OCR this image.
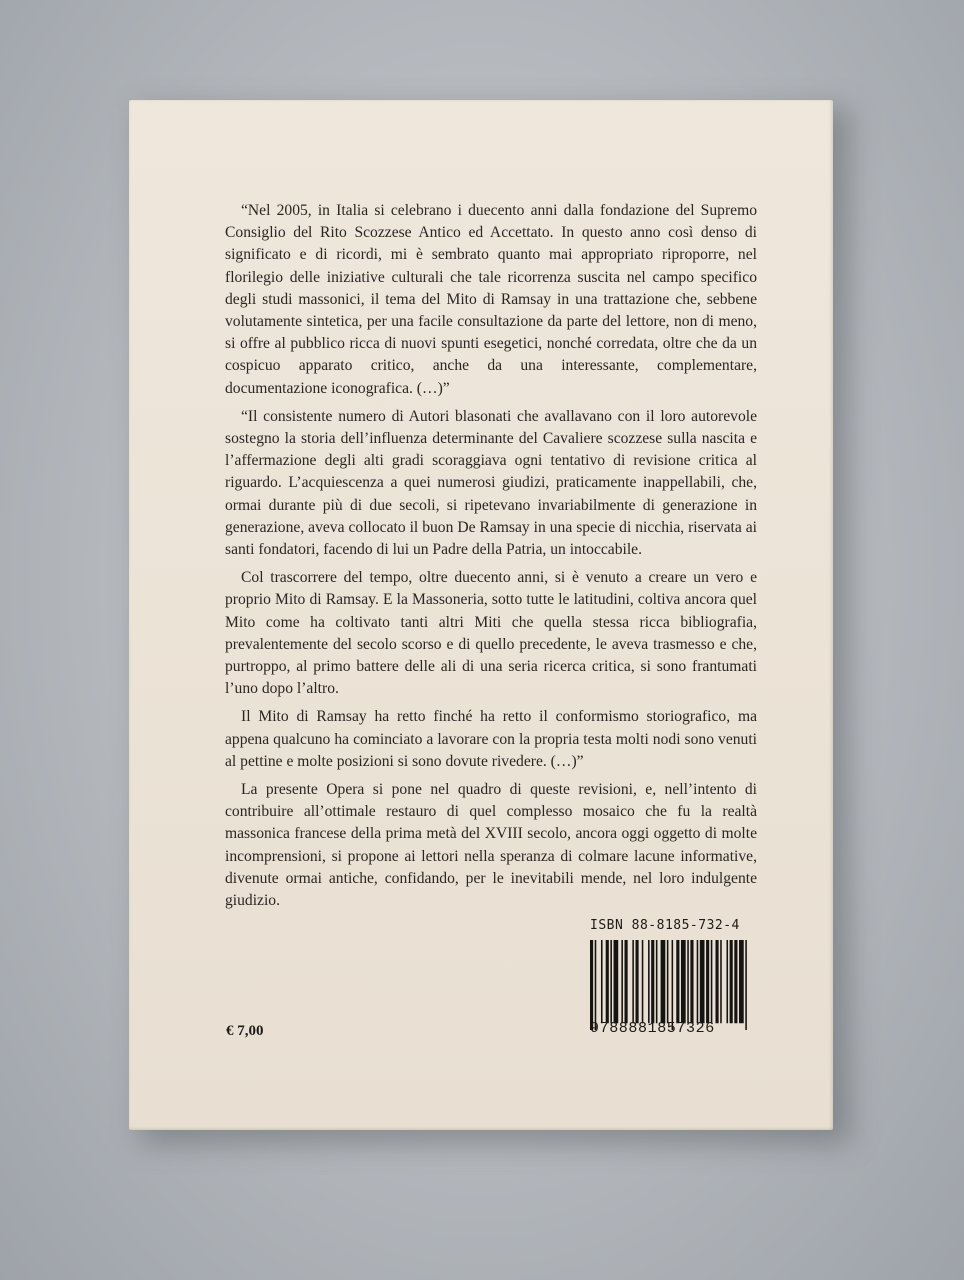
“Nel 2005, in Italia si celebrano i duecento anni dalla fondazione del Supremo Consiglio del Rito Scozzese Antico ed Accettato. In questo anno così denso di significato e di ricordi, mi è sembrato quanto mai appropriato riproporre, nel florilegio delle iniziative culturali che tale ricorrenza suscita nel campo specifico degli studi massonici, il tema del Mito di Ramsay in una trattazione che, sebbene volutamente sintetica, per una facile consultazione da parte del lettore, non di meno, si offre al pubblico ricca di nuovi spunti esegetici, nonché corredata, oltre che da un cospicuo apparato critico, anche da una interessante, complementare, documentazione iconografica. (…)”

“Il consistente numero di Autori blasonati che avallavano con il loro autorevole sostegno la storia dell’influenza determinante del Cavaliere scozzese sulla nascita e l’affermazione degli alti gradi scoraggiava ogni tentativo di revisione critica al riguardo. L’acquiescenza a quei numerosi giudizi, praticamente inappellabili, che, ormai durante più di due secoli, si ripetevano invariabilmente di generazione in generazione, aveva collocato il buon De Ramsay in una specie di nicchia, riservata ai santi fondatori, facendo di lui un Padre della Patria, un intoccabile.

Col trascorrere del tempo, oltre duecento anni, si è venuto a creare un vero e proprio Mito di Ramsay. E la Massoneria, sotto tutte le latitudini, coltiva ancora quel Mito come ha coltivato tanti altri Miti che quella stessa ricca bibliografia, prevalentemente del secolo scorso e di quello precedente, le aveva trasmesso e che, purtroppo, al primo battere delle ali di una seria ricerca critica, si sono frantumati l’uno dopo l’altro.

Il Mito di Ramsay ha retto finché ha retto il conformismo storiografico, ma appena qualcuno ha cominciato a lavorare con la propria testa molti nodi sono venuti al pettine e molte posizioni si sono dovute rivedere. (…)”

La presente Opera si pone nel quadro di queste revisioni, e, nell’intento di contribuire all’ottimale restauro di quel complesso mosaico che fu la realtà massonica francese della prima metà del XVIII secolo, ancora oggi oggetto di molte incomprensioni, si propone ai lettori nella speranza di colmare lacune informative, divenute ormai antiche, confidando, per le inevitabili mende, nel loro indulgente giudizio.

ISBN 88-8185-732-4
9788881857326
€ 7,00
